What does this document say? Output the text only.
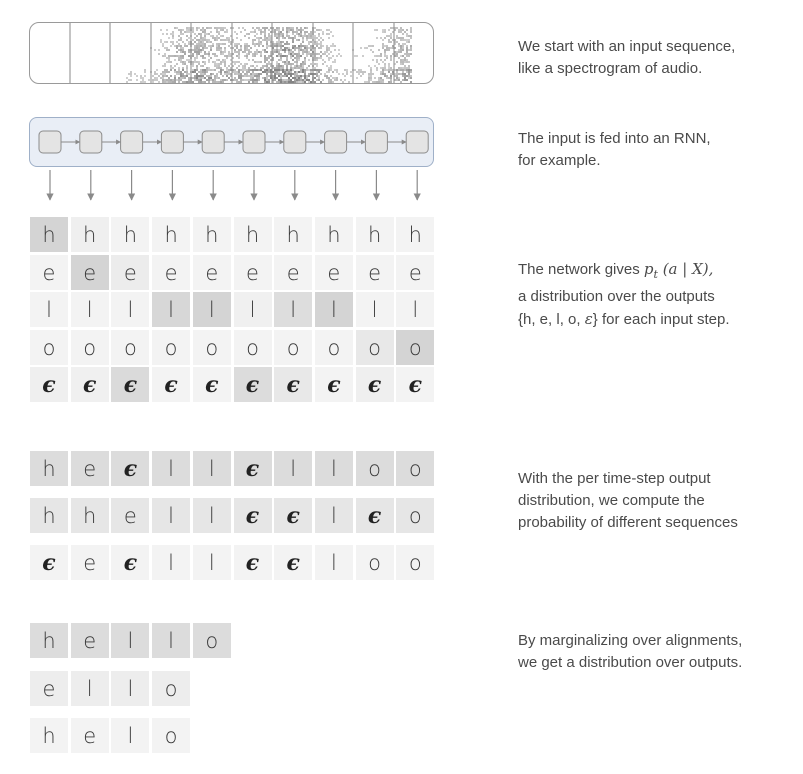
We start with an input sequence,
like a spectrogram of audio.
The input is fed into an RNN,
for example.
h	h	h	h	h	h	h	h	h	h
e	e	e	e	e	e	e	e	e	e
l	l	l	l	l	l	l	l	l	l
o	o	o	o	o	o	o	o	o	o
ϵ	ϵ	ϵ	ϵ	ϵ	ϵ	ϵ	ϵ	ϵ	ϵ
The network gives $p_t$ (a | X),
a distribution over the outputs
{h, e, l, o, ε} for each input step.
h	e	ϵ	l	l	ϵ	l	l	o	o
h	h	e	l	l	ϵ	ϵ	l	ϵ	o
ϵ	e	ϵ	l	l	ϵ	ϵ	l	o	o
With the per time-step output
distribution, we compute the
probability of different sequences
h	e	l	l	o
e	l	l	o
h	e	l	o
By marginalizing over alignments,
we get a distribution over outputs.
